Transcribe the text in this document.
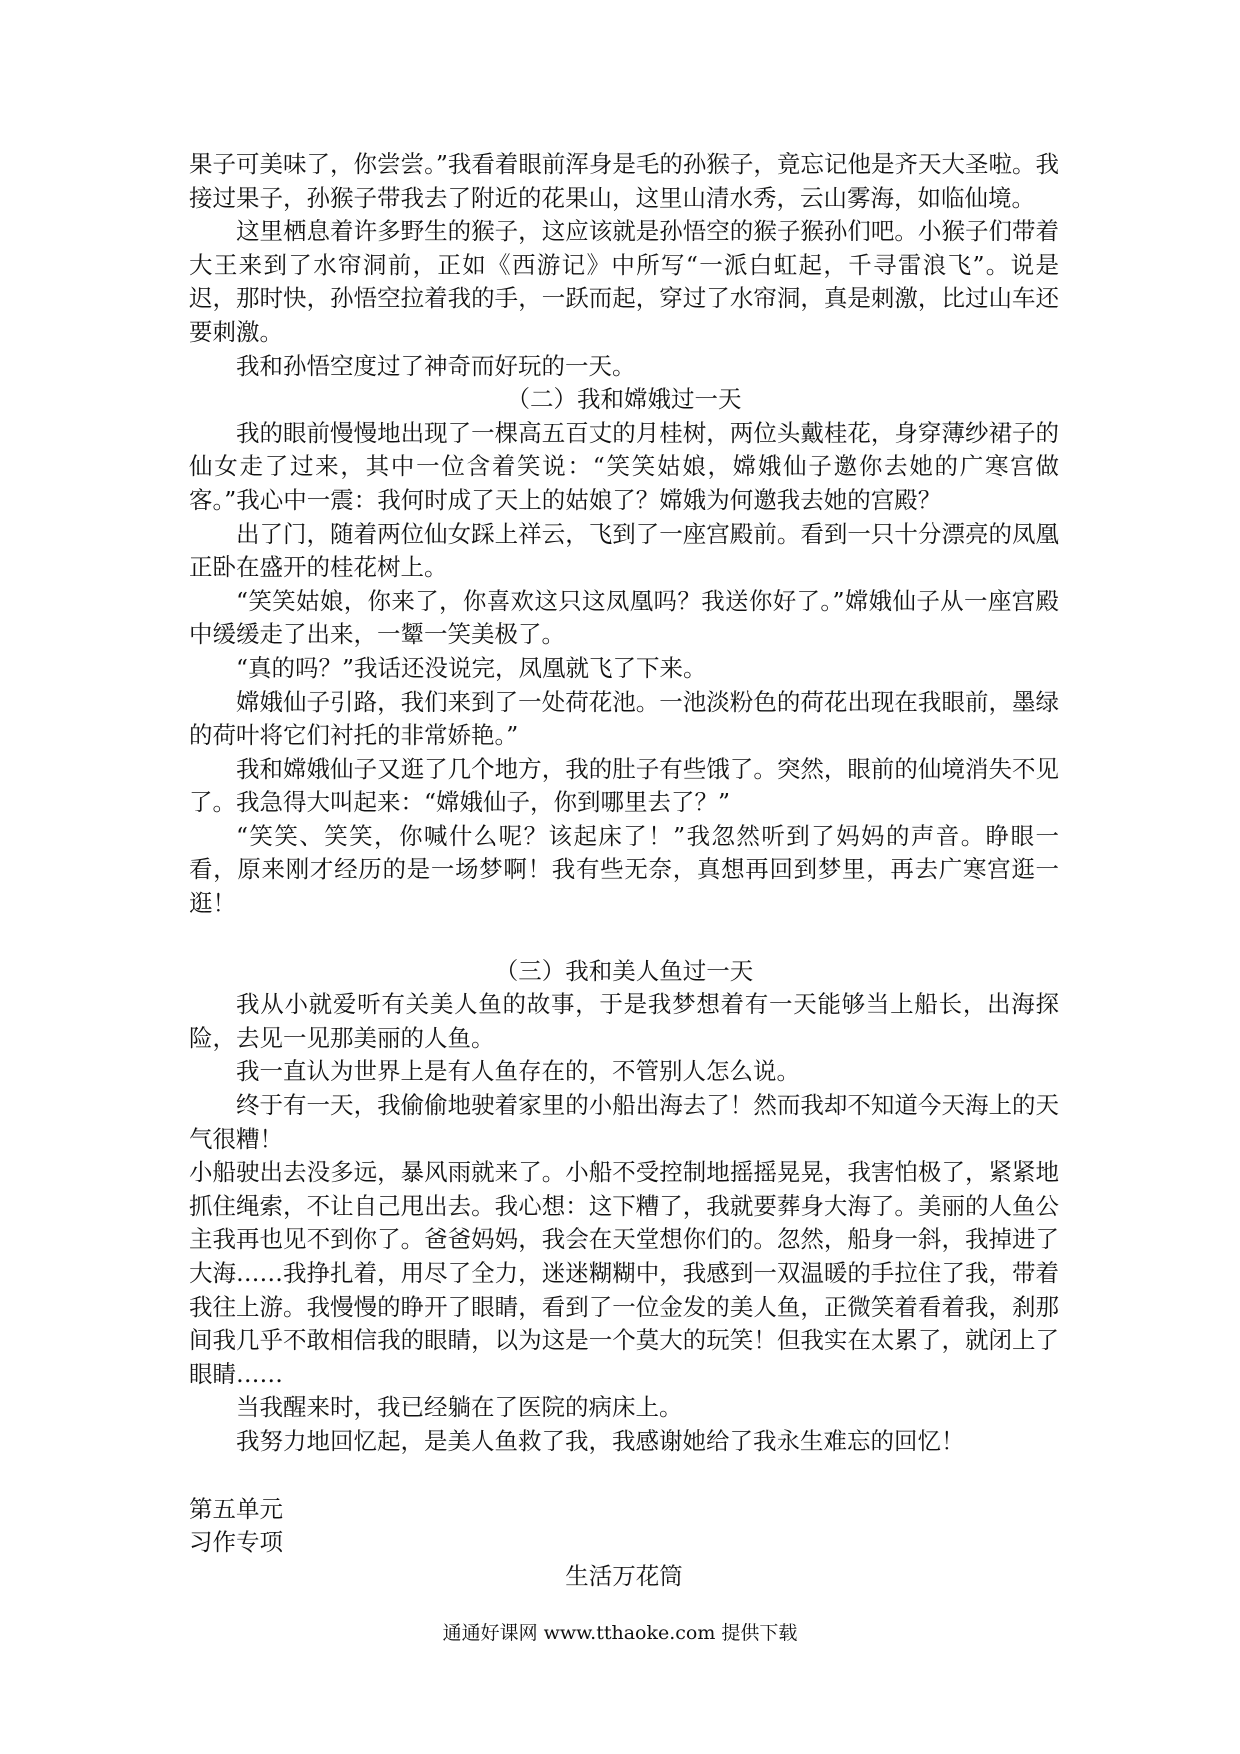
果子可美味了，你尝尝。”我看着眼前浑身是毛的孙猴子，竟忘记他是齐天大圣啦。我接过果子，孙猴子带我去了附近的花果山，这里山清水秀，云山雾海，如临仙境。

这里栖息着许多野生的猴子，这应该就是孙悟空的猴子猴孙们吧。小猴子们带着大王来到了水帘洞前，正如《西游记》中所写“一派白虹起，千寻雷浪飞”。说是迟，那时快，孙悟空拉着我的手，一跃而起，穿过了水帘洞，真是刺激，比过山车还要刺激。

我和孙悟空度过了神奇而好玩的一天。

（二）我和嫦娥过一天

我的眼前慢慢地出现了一棵高五百丈的月桂树，两位头戴桂花，身穿薄纱裙子的仙女走了过来，其中一位含着笑说：“笑笑姑娘，嫦娥仙子邀你去她的广寒宫做客。”我心中一震：我何时成了天上的姑娘了？嫦娥为何邀我去她的宫殿？

出了门，随着两位仙女踩上祥云，飞到了一座宫殿前。看到一只十分漂亮的凤凰正卧在盛开的桂花树上。

“笑笑姑娘，你来了，你喜欢这只这凤凰吗？我送你好了。”嫦娥仙子从一座宫殿中缓缓走了出来，一颦一笑美极了。

“真的吗？”我话还没说完，凤凰就飞了下来。

嫦娥仙子引路，我们来到了一处荷花池。一池淡粉色的荷花出现在我眼前，墨绿的荷叶将它们衬托的非常娇艳。”

我和嫦娥仙子又逛了几个地方，我的肚子有些饿了。突然，眼前的仙境消失不见了。我急得大叫起来：“嫦娥仙子，你到哪里去了？”

“笑笑、笑笑，你喊什么呢？该起床了！”我忽然听到了妈妈的声音。睁眼一看，原来刚才经历的是一场梦啊！我有些无奈，真想再回到梦里，再去广寒宫逛一逛！

（三）我和美人鱼过一天

我从小就爱听有关美人鱼的故事，于是我梦想着有一天能够当上船长，出海探险，去见一见那美丽的人鱼。

我一直认为世界上是有人鱼存在的，不管别人怎么说。

终于有一天，我偷偷地驶着家里的小船出海去了！然而我却不知道今天海上的天气很糟！

小船驶出去没多远，暴风雨就来了。小船不受控制地摇摇晃晃，我害怕极了，紧紧地抓住绳索，不让自己甩出去。我心想：这下糟了，我就要葬身大海了。美丽的人鱼公主我再也见不到你了。爸爸妈妈，我会在天堂想你们的。忽然，船身一斜，我掉进了大海……我挣扎着，用尽了全力，迷迷糊糊中，我感到一双温暖的手拉住了我，带着我往上游。我慢慢的睁开了眼睛，看到了一位金发的美人鱼，正微笑着看着我，刹那间我几乎不敢相信我的眼睛，以为这是一个莫大的玩笑！但我实在太累了，就闭上了眼睛……

当我醒来时，我已经躺在了医院的病床上。

我努力地回忆起，是美人鱼救了我，我感谢她给了我永生难忘的回忆！

第五单元

习作专项

生活万花筒

通通好课网 www.tthaoke.com 提供下载
